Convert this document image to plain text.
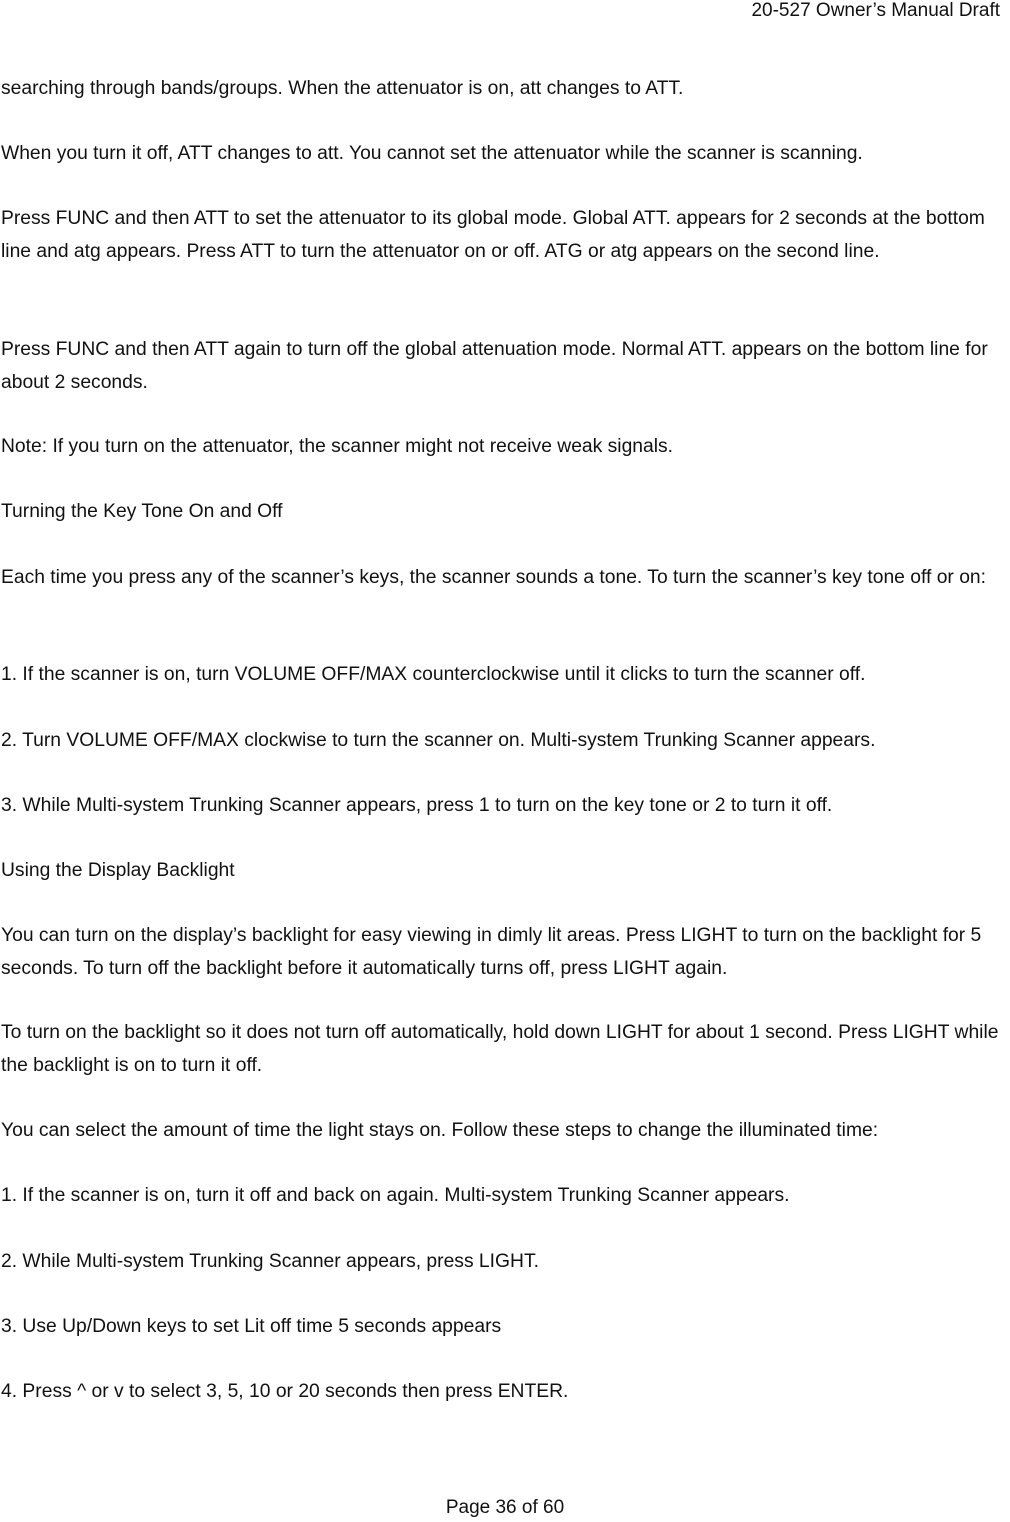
20-527 Owner’s Manual Draft

searching through bands/groups. When the attenuator is on, att changes to ATT.

When you turn it off, ATT changes to att. You cannot set the attenuator while the scanner is scanning.

Press FUNC and then ATT to set the attenuator to its global mode. Global ATT. appears for 2 seconds at the bottom line and atg appears. Press ATT to turn the attenuator on or off. ATG or atg appears on the second line.

Press FUNC and then ATT again to turn off the global attenuation mode. Normal ATT. appears on the bottom line for about 2 seconds.

Note: If you turn on the attenuator, the scanner might not receive weak signals.

Turning the Key Tone On and Off

Each time you press any of the scanner’s keys, the scanner sounds a tone. To turn the scanner’s key tone off or on:

1. If the scanner is on, turn VOLUME OFF/MAX counterclockwise until it clicks to turn the scanner off.

2. Turn VOLUME OFF/MAX clockwise to turn the scanner on. Multi-system Trunking Scanner appears.

3. While Multi-system Trunking Scanner appears, press 1 to turn on the key tone or 2 to turn it off.

Using the Display Backlight

You can turn on the display’s backlight for easy viewing in dimly lit areas. Press LIGHT to turn on the backlight for 5 seconds. To turn off the backlight before it automatically turns off, press LIGHT again.

To turn on the backlight so it does not turn off automatically, hold down LIGHT for about 1 second. Press LIGHT while the backlight is on to turn it off.

You can select the amount of time the light stays on. Follow these steps to change the illuminated time:

1. If the scanner is on, turn it off and back on again. Multi-system Trunking Scanner appears.

2. While Multi-system Trunking Scanner appears, press LIGHT.

3. Use Up/Down keys to set Lit off time 5 seconds appears

4. Press ^ or v to select 3, 5, 10 or 20 seconds then press ENTER.

Page 36 of 60
